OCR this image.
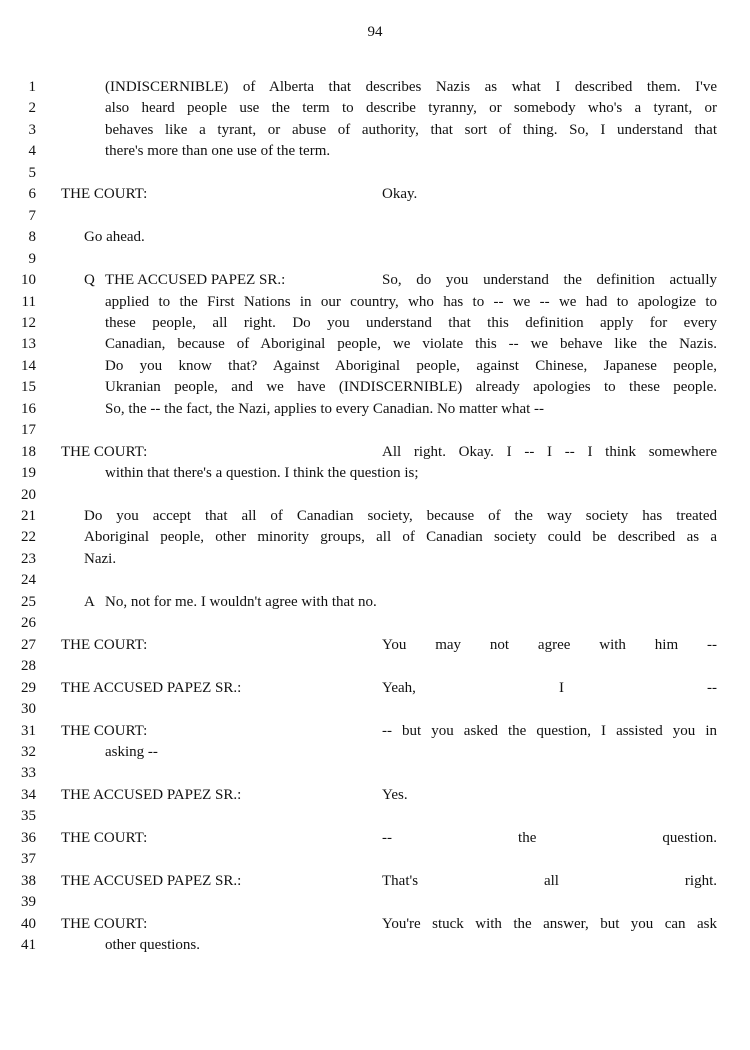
94
1	(INDISCERNIBLE) of Alberta that describes Nazis as what I described them. I've
2	also heard people use the term to describe tyranny, or somebody who's a tyrant, or
3	behaves like a tyrant, or abuse of authority, that sort of thing. So, I understand that
4	there's more than one use of the term.
5
6 THE COURT:	Okay.
7
8	Go ahead.
9
10	Q THE ACCUSED PAPEZ SR.:	So, do you understand the definition actually
11	applied to the First Nations in our country, who has to -- we -- we had to apologize to
12	these people, all right. Do you understand that this definition apply for every
13	Canadian, because of Aboriginal people, we violate this -- we behave like the Nazis.
14	Do you know that? Against Aboriginal people, against Chinese, Japanese people,
15	Ukranian people, and we have (INDISCERNIBLE) already apologies to these people.
16	So, the -- the fact, the Nazi, applies to every Canadian. No matter what --
17
18 THE COURT:	All right. Okay. I -- I -- I think somewhere
19	within that there's a question. I think the question is;
20
21	Do you accept that all of Canadian society, because of the way society has treated
22	Aboriginal people, other minority groups, all of Canadian society could be described as a
23	Nazi.
24
25	A No, not for me. I wouldn't agree with that no.
26
27 THE COURT:	You may not agree with him --
28
29 THE ACCUSED PAPEZ SR.:	Yeah, I --
30
31 THE COURT:	-- but you asked the question, I assisted you in
32	asking --
33
34 THE ACCUSED PAPEZ SR.:	Yes.
35
36 THE COURT:	-- the question.
37
38 THE ACCUSED PAPEZ SR.:	That's all right.
39
40 THE COURT:	You're stuck with the answer, but you can ask
41	other questions.
